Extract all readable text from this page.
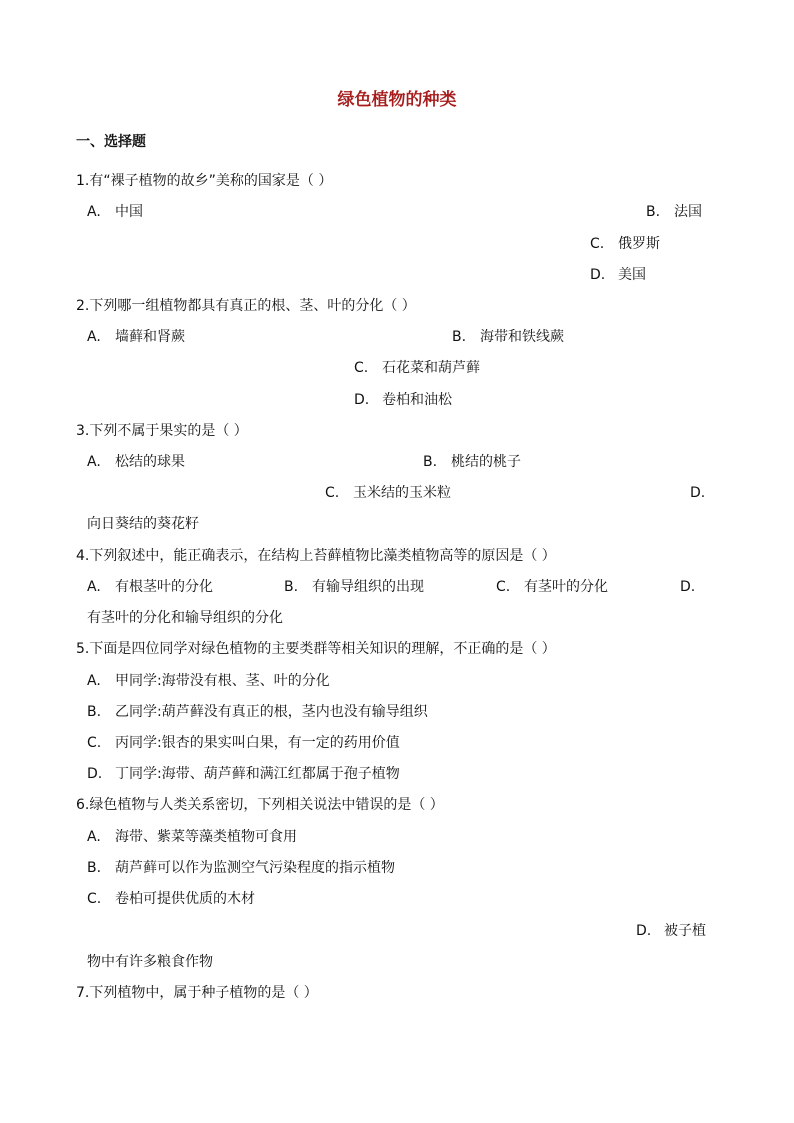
绿色植物的种类
一、选择题
1.有“裸子植物的故乡”美称的国家是（ ）
A. 中国	B. 法国
C. 俄罗斯
D. 美国
2.下列哪一组植物都具有真正的根、茎、叶的分化（ ）
A. 墙藓和肾蕨	B. 海带和铁线蕨
C. 石花菜和葫芦藓
D. 卷柏和油松
3.下列不属于果实的是（ ）
A. 松结的球果	B. 桃结的桃子
C. 玉米结的玉米粒	D.
向日葵结的葵花籽
4.下列叙述中，能正确表示，在结构上苔藓植物比藻类植物高等的原因是（ ）
A. 有根茎叶的分化	B. 有输导组织的出现	C. 有茎叶的分化	D.
有茎叶的分化和输导组织的分化
5.下面是四位同学对绿色植物的主要类群等相关知识的理解，不正确的是（ ）
A. 甲同学:海带没有根、茎、叶的分化
B. 乙同学:葫芦藓没有真正的根，茎内也没有输导组织
C. 丙同学:银杏的果实叫白果，有一定的药用价值
D. 丁同学:海带、葫芦藓和满江红都属于孢子植物
6.绿色植物与人类关系密切，下列相关说法中错误的是（ ）
A. 海带、紫菜等藻类植物可食用
B. 葫芦藓可以作为监测空气污染程度的指示植物
C. 卷柏可提供优质的木材
D. 被子植
物中有许多粮食作物
7.下列植物中，属于种子植物的是（ ）
